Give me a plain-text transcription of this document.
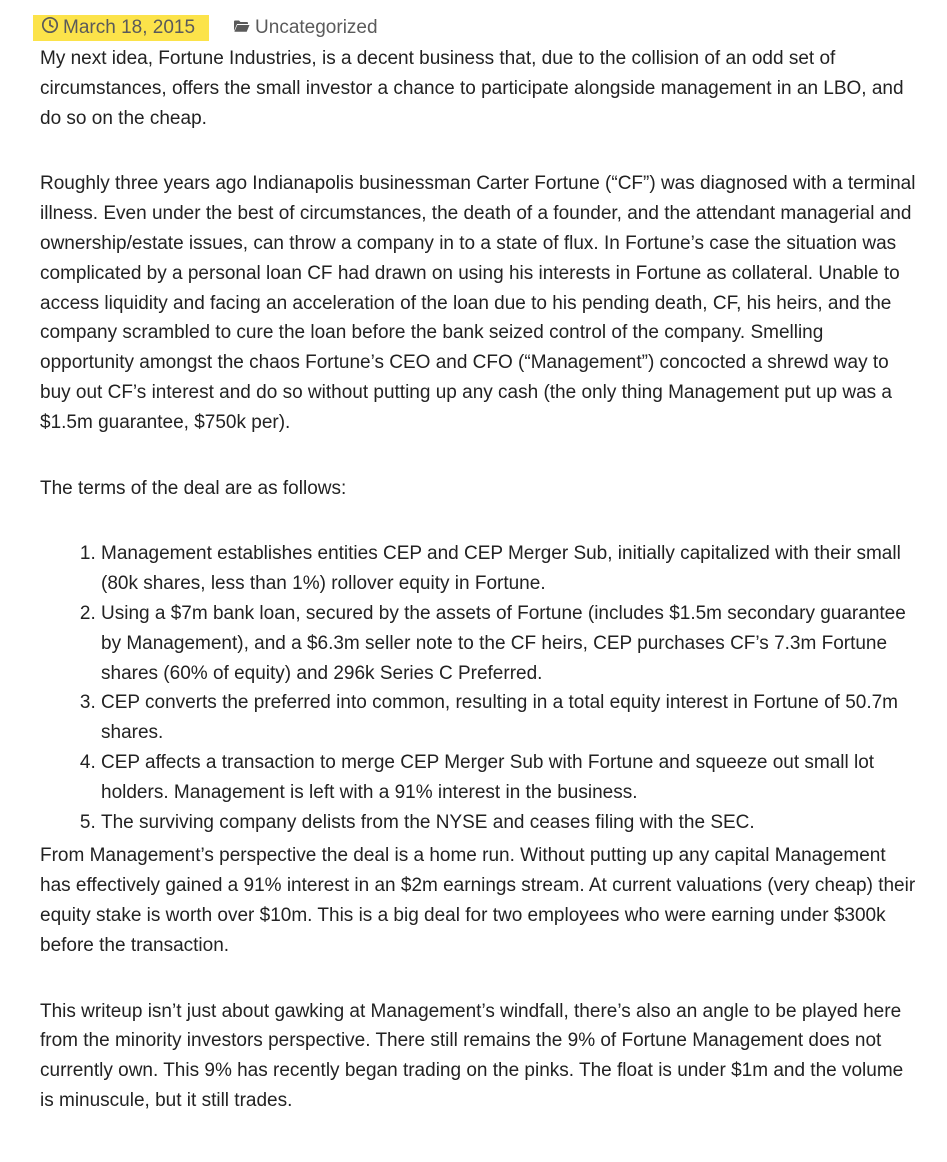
March 18, 2015	Uncategorized

My next idea, Fortune Industries, is a decent business that, due to the collision of an odd set of circumstances, offers the small investor a chance to participate alongside management in an LBO, and do so on the cheap.

Roughly three years ago Indianapolis businessman Carter Fortune (“CF”) was diagnosed with a terminal illness. Even under the best of circumstances, the death of a founder, and the attendant managerial and ownership/estate issues, can throw a company in to a state of flux. In Fortune’s case the situation was complicated by a personal loan CF had drawn on using his interests in Fortune as collateral. Unable to access liquidity and facing an acceleration of the loan due to his pending death, CF, his heirs, and the company scrambled to cure the loan before the bank seized control of the company. Smelling opportunity amongst the chaos Fortune’s CEO and CFO (“Management”) concocted a shrewd way to buy out CF’s interest and do so without putting up any cash (the only thing Management put up was a $1.5m guarantee, $750k per).

The terms of the deal are as follows:

1. Management establishes entities CEP and CEP Merger Sub, initially capitalized with their small (80k shares, less than 1%) rollover equity in Fortune.
2. Using a $7m bank loan, secured by the assets of Fortune (includes $1.5m secondary guarantee by Management), and a $6.3m seller note to the CF heirs, CEP purchases CF’s 7.3m Fortune shares (60% of equity) and 296k Series C Preferred.
3. CEP converts the preferred into common, resulting in a total equity interest in Fortune of 50.7m shares.
4. CEP affects a transaction to merge CEP Merger Sub with Fortune and squeeze out small lot holders. Management is left with a 91% interest in the business.
5. The surviving company delists from the NYSE and ceases filing with the SEC.

From Management’s perspective the deal is a home run. Without putting up any capital Management has effectively gained a 91% interest in an $2m earnings stream. At current valuations (very cheap) their equity stake is worth over $10m. This is a big deal for two employees who were earning under $300k before the transaction.

This writeup isn’t just about gawking at Management’s windfall, there’s also an angle to be played here from the minority investors perspective. There still remains the 9% of Fortune Management does not currently own. This 9% has recently began trading on the pinks. The float is under $1m and the volume is minuscule, but it still trades.
